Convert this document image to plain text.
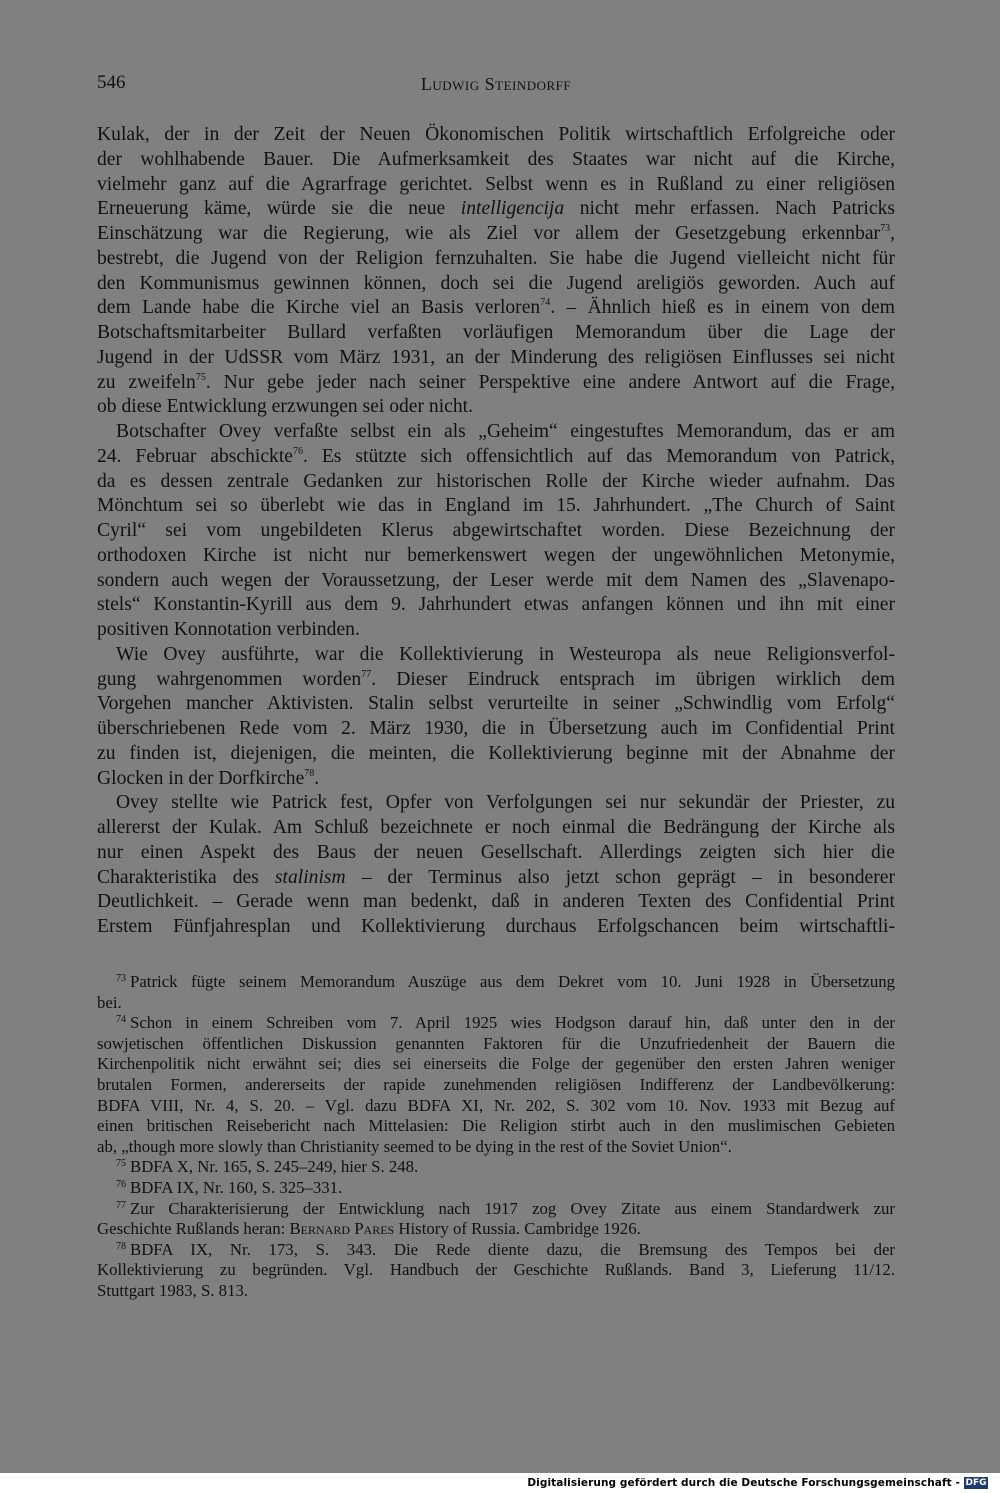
546	Ludwig Steindorff

Kulak, der in der Zeit der Neuen Ökonomischen Politik wirtschaftlich Erfolgreiche oder
der wohlhabende Bauer. Die Aufmerksamkeit des Staates war nicht auf die Kirche,
vielmehr ganz auf die Agrarfrage gerichtet. Selbst wenn es in Rußland zu einer religiösen
Erneuerung käme, würde sie die neue intelligencija nicht mehr erfassen. Nach Patricks
Einschätzung war die Regierung, wie als Ziel vor allem der Gesetzgebung erkennbar$^{73}$,
bestrebt, die Jugend von der Religion fernzuhalten. Sie habe die Jugend vielleicht nicht für
den Kommunismus gewinnen können, doch sei die Jugend areligiös geworden. Auch auf
dem Lande habe die Kirche viel an Basis verloren$^{74}$. – Ähnlich hieß es in einem von dem
Botschaftsmitarbeiter Bullard verfaßten vorläufigen Memorandum über die Lage der
Jugend in der UdSSR vom März 1931, an der Minderung des religiösen Einflusses sei nicht
zu zweifeln$^{75}$. Nur gebe jeder nach seiner Perspektive eine andere Antwort auf die Frage,
ob diese Entwicklung erzwungen sei oder nicht.

Botschafter Ovey verfaßte selbst ein als „Geheim“ eingestuftes Memorandum, das er am
24. Februar abschickte$^{76}$. Es stützte sich offensichtlich auf das Memorandum von Patrick,
da es dessen zentrale Gedanken zur historischen Rolle der Kirche wieder aufnahm. Das
Mönchtum sei so überlebt wie das in England im 15. Jahrhundert. „The Church of Saint
Cyril“ sei vom ungebildeten Klerus abgewirtschaftet worden. Diese Bezeichnung der
orthodoxen Kirche ist nicht nur bemerkenswert wegen der ungewöhnlichen Metonymie,
sondern auch wegen der Voraussetzung, der Leser werde mit dem Namen des „Slavenapo-
stels“ Konstantin-Kyrill aus dem 9. Jahrhundert etwas anfangen können und ihn mit einer
positiven Konnotation verbinden.

Wie Ovey ausführte, war die Kollektivierung in Westeuropa als neue Religionsverfol-
gung wahrgenommen worden$^{77}$. Dieser Eindruck entsprach im übrigen wirklich dem
Vorgehen mancher Aktivisten. Stalin selbst verurteilte in seiner „Schwindlig vom Erfolg“
überschriebenen Rede vom 2. März 1930, die in Übersetzung auch im Confidential Print
zu finden ist, diejenigen, die meinten, die Kollektivierung beginne mit der Abnahme der
Glocken in der Dorfkirche$^{78}$.

Ovey stellte wie Patrick fest, Opfer von Verfolgungen sei nur sekundär der Priester, zu
allererst der Kulak. Am Schluß bezeichnete er noch einmal die Bedrängung der Kirche als
nur einen Aspekt des Baus der neuen Gesellschaft. Allerdings zeigten sich hier die
Charakteristika des stalinism – der Terminus also jetzt schon geprägt – in besonderer
Deutlichkeit. – Gerade wenn man bedenkt, daß in anderen Texten des Confidential Print
Erstem Fünfjahresplan und Kollektivierung durchaus Erfolgschancen beim wirtschaftli-

$^{73}$ Patrick fügte seinem Memorandum Auszüge aus dem Dekret vom 10. Juni 1928 in Übersetzung
bei.
$^{74}$ Schon in einem Schreiben vom 7. April 1925 wies Hodgson darauf hin, daß unter den in der
sowjetischen öffentlichen Diskussion genannten Faktoren für die Unzufriedenheit der Bauern die
Kirchenpolitik nicht erwähnt sei; dies sei einerseits die Folge der gegenüber den ersten Jahren weniger
brutalen Formen, andererseits der rapide zunehmenden religiösen Indifferenz der Landbevölkerung:
BDFA VIII, Nr. 4, S. 20. – Vgl. dazu BDFA XI, Nr. 202, S. 302 vom 10. Nov. 1933 mit Bezug auf
einen britischen Reisebericht nach Mittelasien: Die Religion stirbt auch in den muslimischen Gebieten
ab, „though more slowly than Christianity seemed to be dying in the rest of the Soviet Union“.
$^{75}$ BDFA X, Nr. 165, S. 245–249, hier S. 248.
$^{76}$ BDFA IX, Nr. 160, S. 325–331.
$^{77}$ Zur Charakterisierung der Entwicklung nach 1917 zog Ovey Zitate aus einem Standardwerk zur
Geschichte Rußlands heran: Bernard Pares History of Russia. Cambridge 1926.
$^{78}$ BDFA IX, Nr. 173, S. 343. Die Rede diente dazu, die Bremsung des Tempos bei der
Kollektivierung zu begründen. Vgl. Handbuch der Geschichte Rußlands. Band 3, Lieferung 11/12.
Stuttgart 1983, S. 813.
Digitalisierung gefördert durch die Deutsche Forschungsgemeinschaft - DFG
